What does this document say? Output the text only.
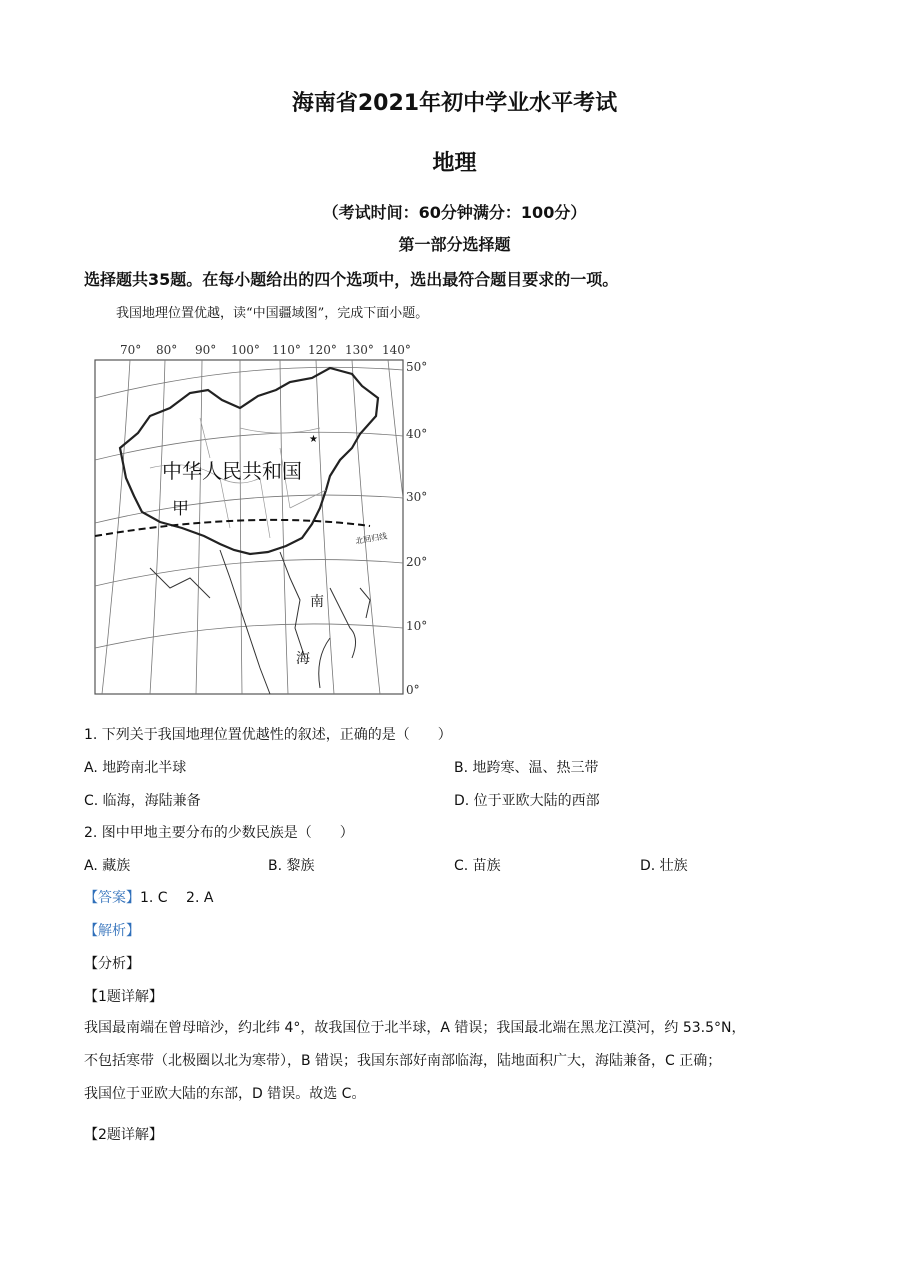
海南省2021年初中学业水平考试
地理
（考试时间：60分钟满分：100分）
第一部分选择题
选择题共35题。在每小题给出的四个选项中，选出最符合题目要求的一项。
我国地理位置优越，读“中国疆域图”，完成下面小题。
70° 80° 90° 100° 110° 120° 130° 140°
50°
40°
30°
20°
10°
0°
北回归线
中华人民共和国
甲
南
海
★
1. 下列关于我国地理位置优越性的叙述，正确的是（　　）
A. 地跨南北半球	B. 地跨寒、温、热三带
C. 临海，海陆兼备	D. 位于亚欧大陆的西部
2. 图中甲地主要分布的少数民族是（　　）
A. 藏族	B. 黎族	C. 苗族	D. 壮族
【答案】1. C　 2. A
【解析】
【分析】
【1题详解】
我国最南端在曾母暗沙，约北纬 4°，故我国位于北半球，A 错误；我国最北端在黑龙江漠河，约 53.5°N，
不包括寒带（北极圈以北为寒带），B 错误；我国东部好南部临海，陆地面积广大，海陆兼备，C 正确；
我国位于亚欧大陆的东部，D 错误。故选 C。
【2题详解】
